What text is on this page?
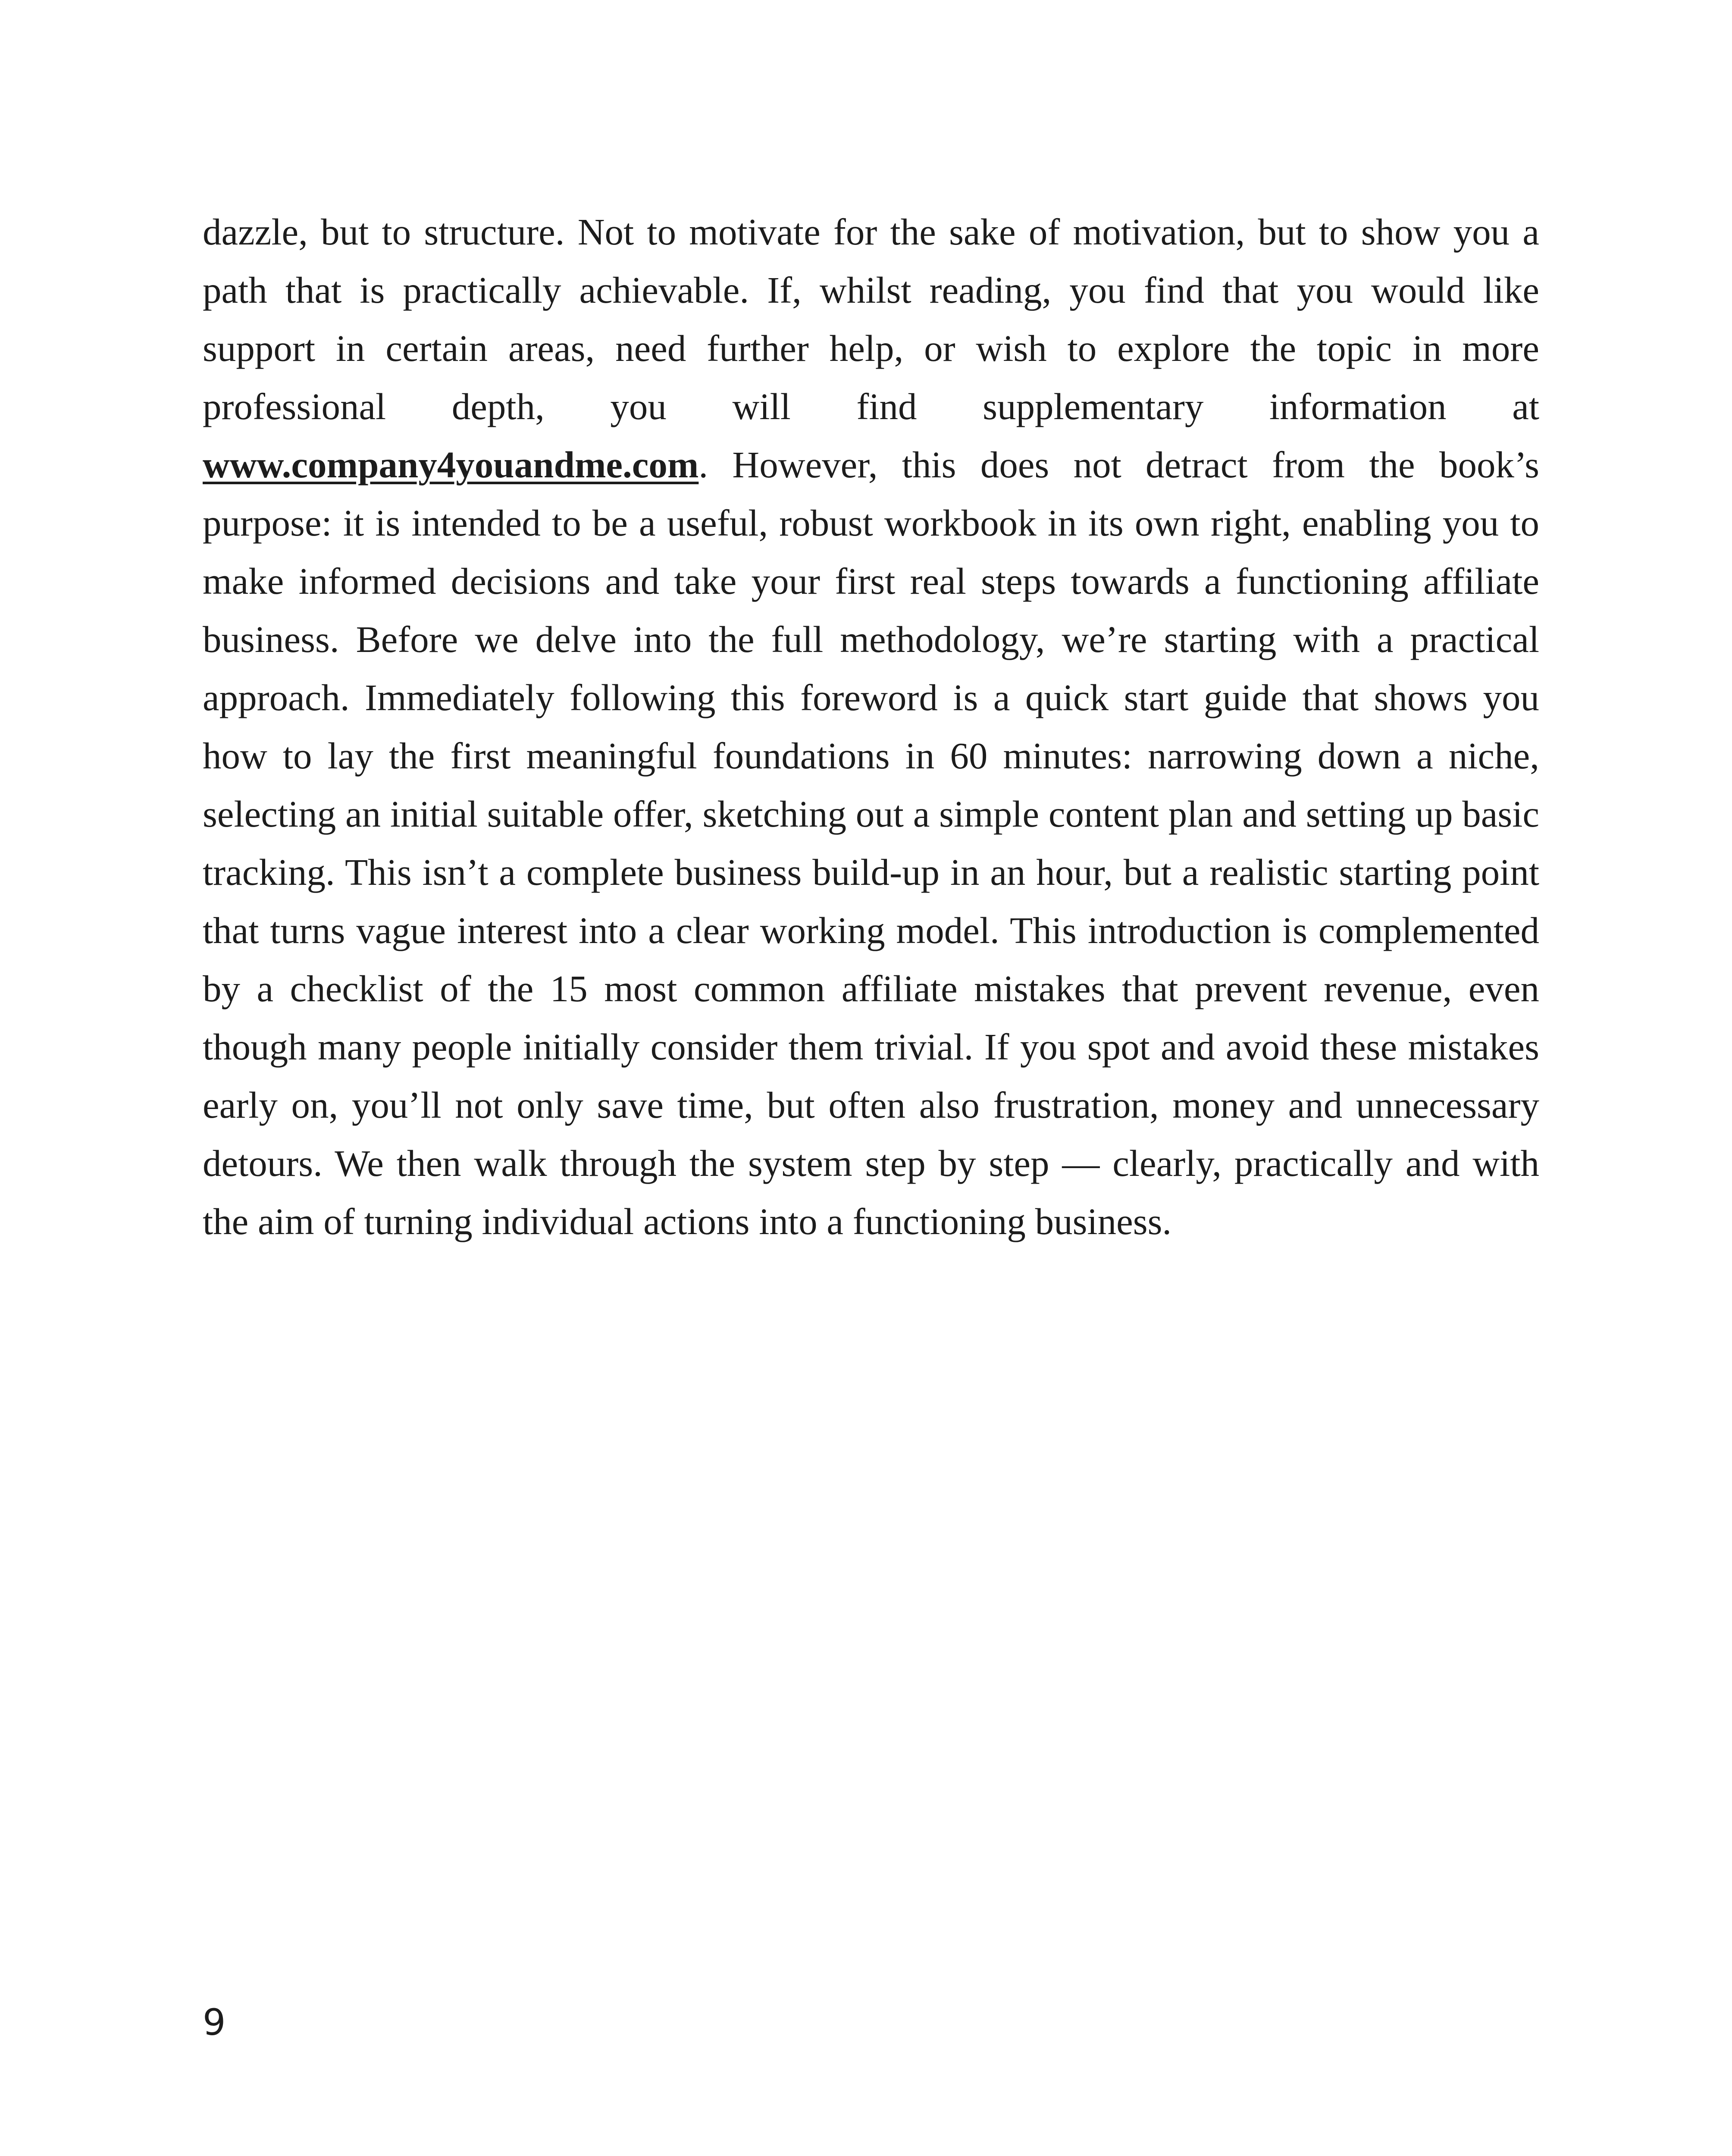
dazzle, but to structure. Not to motivate for the sake of motivation, but to show you a path that is practically achievable. If, whilst reading, you find that you would like support in certain areas, need further help, or wish to explore the topic in more professional depth, you will find supplementary information at www.company4youandme.com. However, this does not detract from the book’s purpose: it is intended to be a useful, robust workbook in its own right, enabling you to make informed decisions and take your first real steps towards a functioning affiliate business. Before we delve into the full methodology, we’re starting with a practical approach. Immediately following this foreword is a quick start guide that shows you how to lay the first meaningful foundations in 60 minutes: narrowing down a niche, selecting an initial suitable offer, sketching out a simple content plan and setting up basic tracking. This isn’t a complete business build-up in an hour, but a realistic starting point that turns vague interest into a clear working model. This introduction is complemented by a checklist of the 15 most common affiliate mistakes that prevent revenue, even though many people initially consider them trivial. If you spot and avoid these mistakes early on, you’ll not only save time, but often also frustration, money and unnecessary detours. We then walk through the system step by step — clearly, practically and with the aim of turning individual actions into a functioning business.

9
